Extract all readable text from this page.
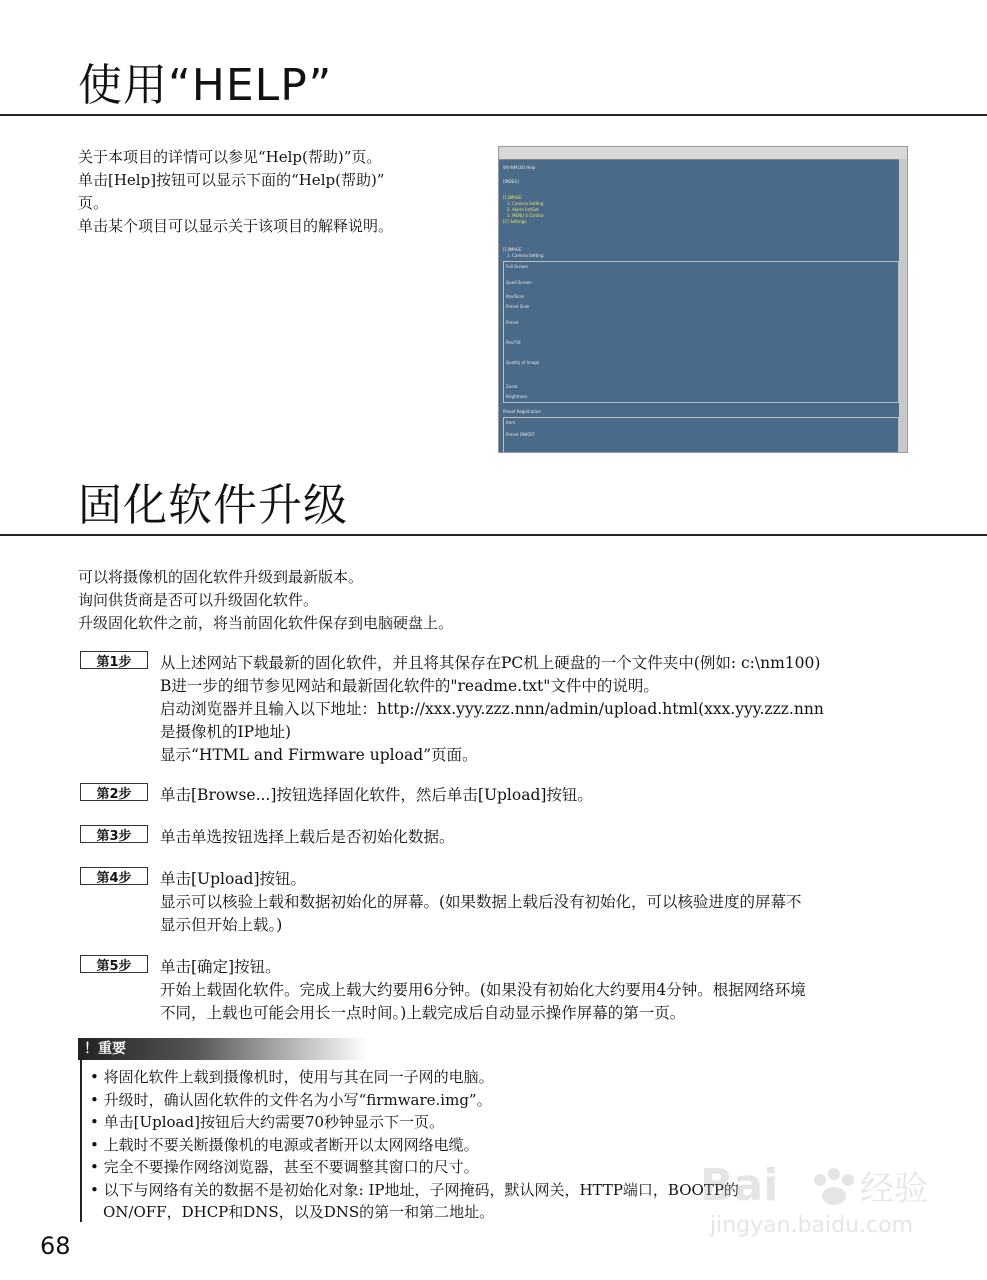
使用“HELP”
关于本项目的详情可以参见“Help(帮助)”页。
单击[Help]按钮可以显示下面的“Help(帮助)”
页。
单击某个项目可以显示关于该项目的解释说明。
WV-NM100 Help
[INDEX]
[1]IMAGE
1. Camera Setting
2. Alarm list/Set
3. MENU 4 Control
[2] Settings
[1]IMAGE
1. Camera Setting
Full Screen
Quad Screen
Pan/Scan
Preset Scan
Preset
Pan/Tilt
Quality of Image
Zoom
Brightness
Preset Registration
Item
Preset ON/OFF
固化软件升级
可以将摄像机的固化软件升级到最新版本。
询问供货商是否可以升级固化软件。
升级固化软件之前，将当前固化软件保存到电脑硬盘上。
第1步	从上述网站下载最新的固化软件，并且将其保存在PC机上硬盘的一个文件夹中(例如: c:\nm100)
B进一步的细节参见网站和最新固化软件的"readme.txt"文件中的说明。
启动浏览器并且输入以下地址：http://xxx.yyy.zzz.nnn/admin/upload.html(xxx.yyy.zzz.nnn
是摄像机的IP地址)
显示“HTML and Firmware upload”页面。
第2步	单击[Browse...]按钮选择固化软件，然后单击[Upload]按钮。
第3步	单击单选按钮选择上载后是否初始化数据。
第4步	单击[Upload]按钮。
显示可以核验上载和数据初始化的屏幕。(如果数据上载后没有初始化，可以核验进度的屏幕不
显示但开始上载。)
第5步	单击[确定]按钮。
开始上载固化软件。完成上载大约要用6分钟。(如果没有初始化大约要用4分钟。根据网络环境
不同，上载也可能会用长一点时间。)上载完成后自动显示操作屏幕的第一页。
！重要
• 将固化软件上载到摄像机时，使用与其在同一子网的电脑。
• 升级时，确认固化软件的文件名为小写“firmware.img”。
• 单击[Upload]按钮后大约需要70秒钟显示下一页。
• 上载时不要关断摄像机的电源或者断开以太网网络电缆。
• 完全不要操作网络浏览器，甚至不要调整其窗口的尺寸。
• 以下与网络有关的数据不是初始化对象: IP地址，子网掩码，默认网关，HTTP端口，BOOTP的
ON/OFF，DHCP和DNS，以及DNS的第一和第二地址。
68
Bai 经验
jingyan.baidu.com
